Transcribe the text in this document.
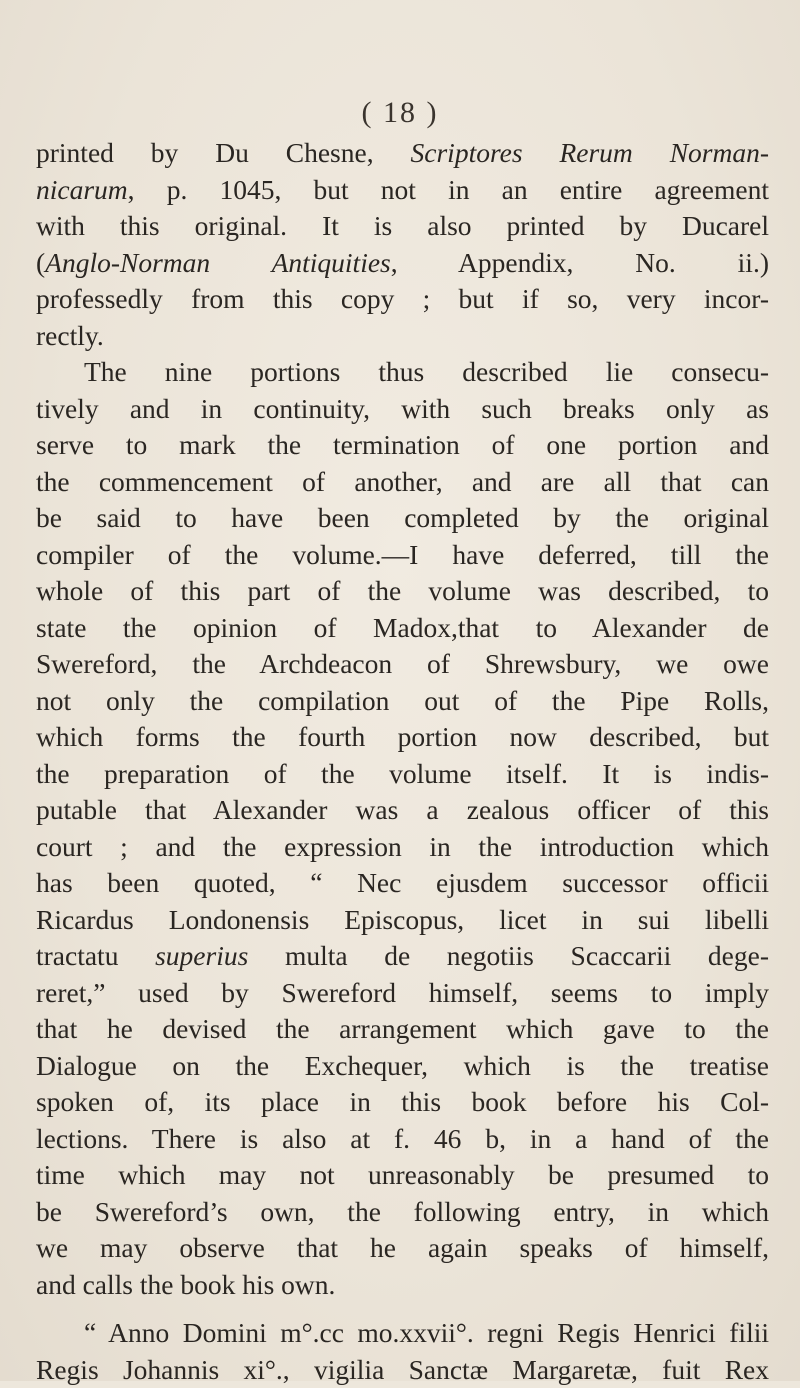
( 18 )
printed by Du Chesne, Scriptores Rerum Norman-
nicarum, p. 1045, but not in an entire agreement
with this original. It is also printed by Ducarel
(Anglo-Norman Antiquities, Appendix, No. ii.)
professedly from this copy ; but if so, very incor-
rectly.
The nine portions thus described lie consecu-
tively and in continuity, with such breaks only as
serve to mark the termination of one portion and
the commencement of another, and are all that can
be said to have been completed by the original
compiler of the volume.—I have deferred, till the
whole of this part of the volume was described, to
state the opinion of Madox,that to Alexander de
Swereford, the Archdeacon of Shrewsbury, we owe
not only the compilation out of the Pipe Rolls,
which forms the fourth portion now described, but
the preparation of the volume itself. It is indis-
putable that Alexander was a zealous officer of this
court ; and the expression in the introduction which
has been quoted, “ Nec ejusdem successor officii
Ricardus Londonensis Episcopus, licet in sui libelli
tractatu superius multa de negotiis Scaccarii dege-
reret,” used by Swereford himself, seems to imply
that he devised the arrangement which gave to the
Dialogue on the Exchequer, which is the treatise
spoken of, its place in this book before his Col-
lections. There is also at f. 46 b, in a hand of the
time which may not unreasonably be presumed to
be Swereford’s own, the following entry, in which
we may observe that he again speaks of himself,
and calls the book his own.
“ Anno Domini m°.cc mo.xxvii°. regni Regis Henrici filii
Regis Johannis xi°., vigilia Sanctæ Margaretæ, fuit Rex
